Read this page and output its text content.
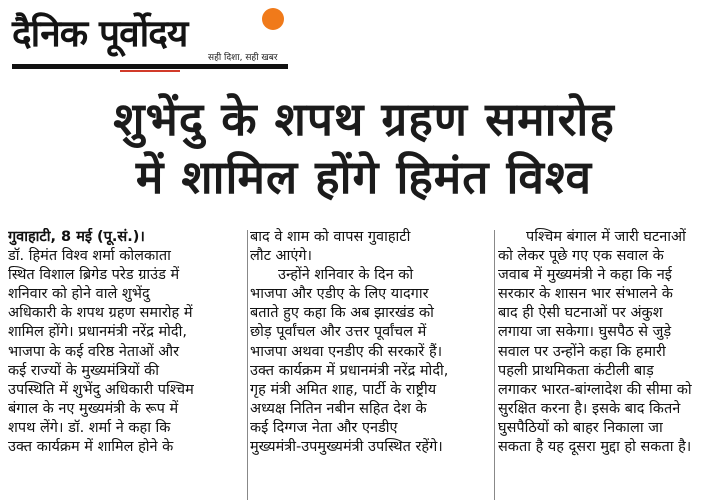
दैनिक पूर्वोदय
सही दिशा, सही खबर
शुभेंदु के शपथ ग्रहण समारोह
में शामिल होंगे हिमंत विश्व
गुवाहाटी, 8 मई (पू.सं.)।
डॉ. हिमंत विश्व शर्मा कोलकाता
स्थित विशाल ब्रिगेड परेड ग्राउंड में
शनिवार को होने वाले शुभेंदु
अधिकारी के शपथ ग्रहण समारोह में
शामिल होंगे। प्रधानमंत्री नरेंद्र मोदी,
भाजपा के कई वरिष्ठ नेताओं और
कई राज्यों के मुख्यमंत्रियों की
उपस्थिति में शुभेंदु अधिकारी पश्चिम
बंगाल के नए मुख्यमंत्री के रूप में
शपथ लेंगे। डॉ. शर्मा ने कहा कि
उक्त कार्यक्रम में शामिल होने के
बाद वे शाम को वापस गुवाहाटी
लौट आएंगे।
उन्होंने शनिवार के दिन को
भाजपा और एडीए के लिए यादगार
बताते हुए कहा कि अब झारखंड को
छोड़ पूर्वांचल और उत्तर पूर्वांचल में
भाजपा अथवा एनडीए की सरकारें हैं।
उक्त कार्यक्रम में प्रधानमंत्री नरेंद्र मोदी,
गृह मंत्री अमित शाह, पार्टी के राष्ट्रीय
अध्यक्ष नितिन नबीन सहित देश के
कई दिग्गज नेता और एनडीए
मुख्यमंत्री-उपमुख्यमंत्री उपस्थित रहेंगे।
पश्चिम बंगाल में जारी घटनाओं
को लेकर पूछे गए एक सवाल के
जवाब में मुख्यमंत्री ने कहा कि नई
सरकार के शासन भार संभालने के
बाद ही ऐसी घटनाओं पर अंकुश
लगाया जा सकेगा। घुसपैठ से जुड़े
सवाल पर उन्होंने कहा कि हमारी
पहली प्राथमिकता कंटीली बाड़
लगाकर भारत-बांग्लादेश की सीमा को
सुरक्षित करना है। इसके बाद कितने
घुसपैठियों को बाहर निकाला जा
सकता है यह दूसरा मुद्दा हो सकता है।
